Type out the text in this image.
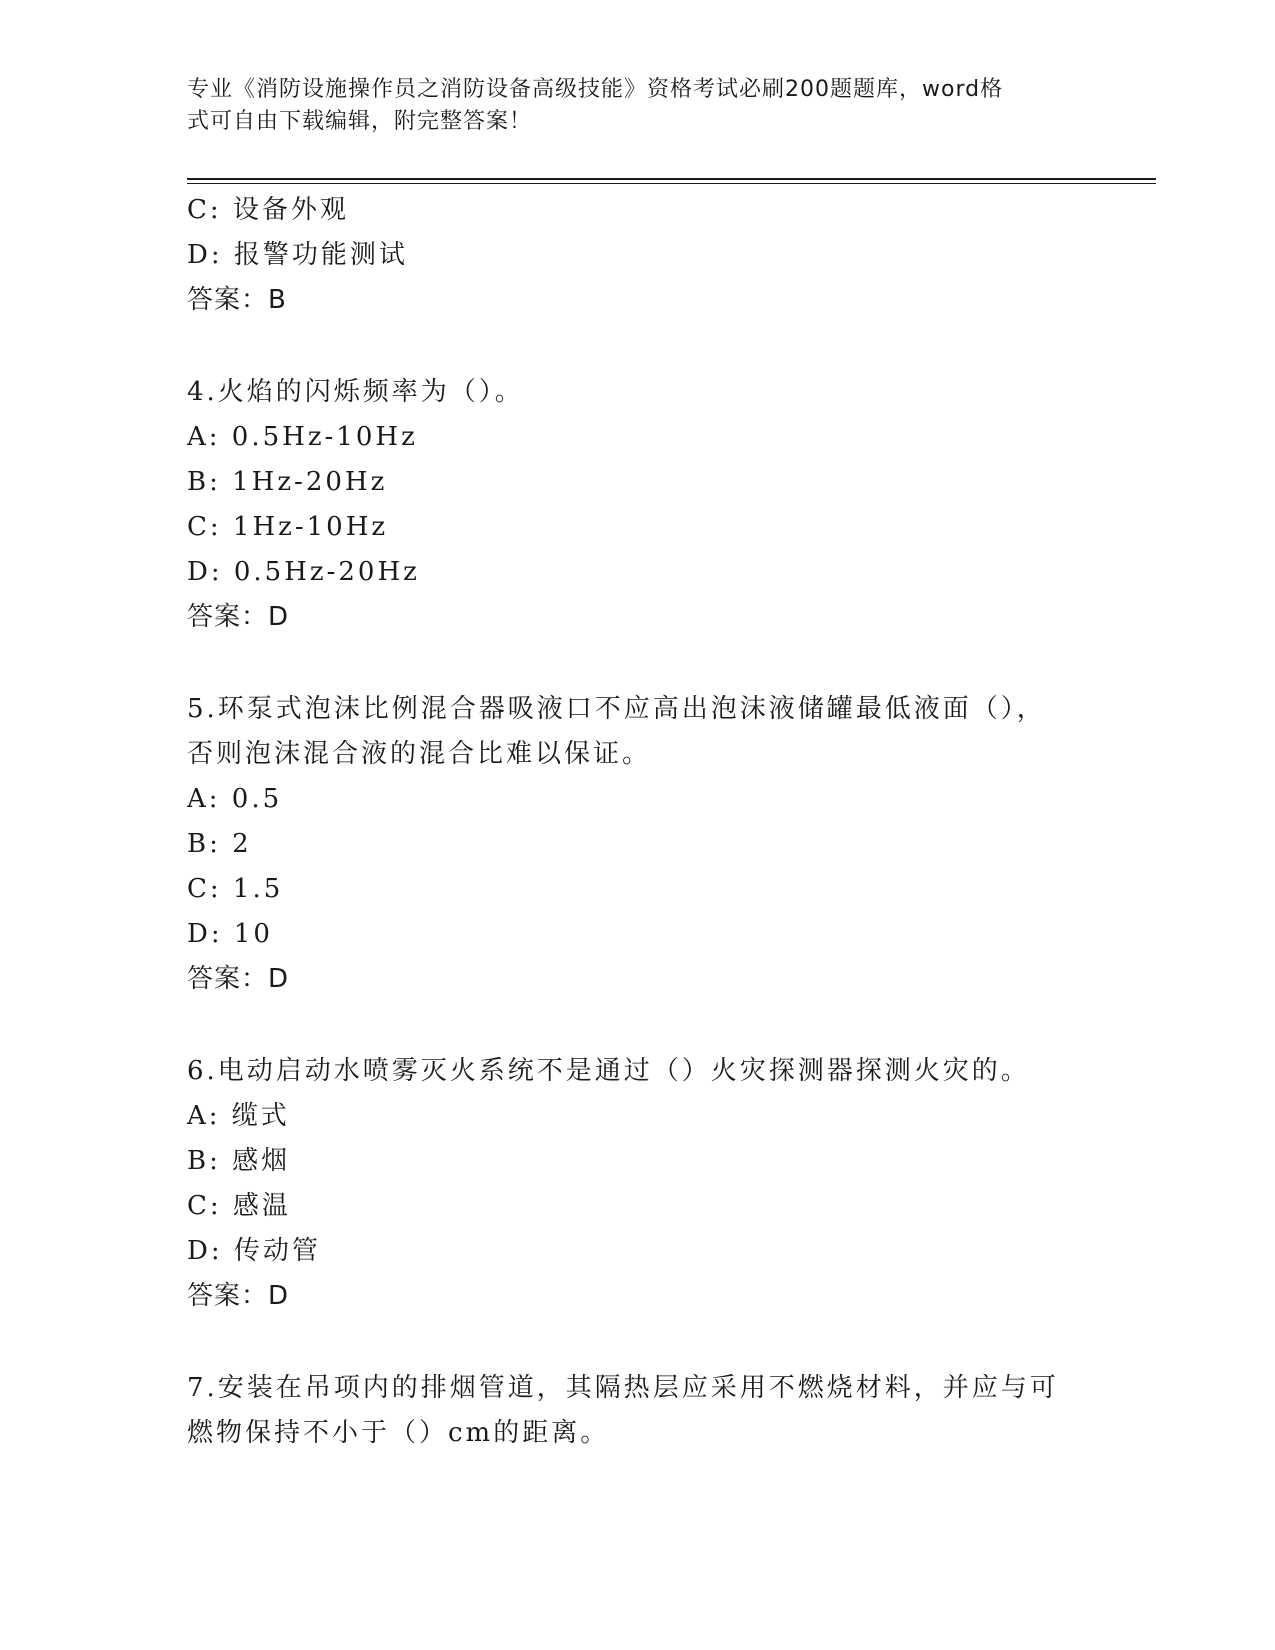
专业《消防设施操作员之消防设备高级技能》资格考试必刷200题题库，word格
式可自由下载编辑，附完整答案！
C: 设备外观
D: 报警功能测试
答案：B
4.火焰的闪烁频率为（）。
A: 0.5Hz-10Hz
B: 1Hz-20Hz
C: 1Hz-10Hz
D: 0.5Hz-20Hz
答案：D
5.环泵式泡沫比例混合器吸液口不应高出泡沫液储罐最低液面（），
否则泡沫混合液的混合比难以保证。
A: 0.5
B: 2
C: 1.5
D: 10
答案：D
6.电动启动水喷雾灭火系统不是通过（）火灾探测器探测火灾的。
A: 缆式
B: 感烟
C: 感温
D: 传动管
答案：D
7.安装在吊项内的排烟管道，其隔热层应采用不燃烧材料，并应与可
燃物保持不小于（）cm的距离。
